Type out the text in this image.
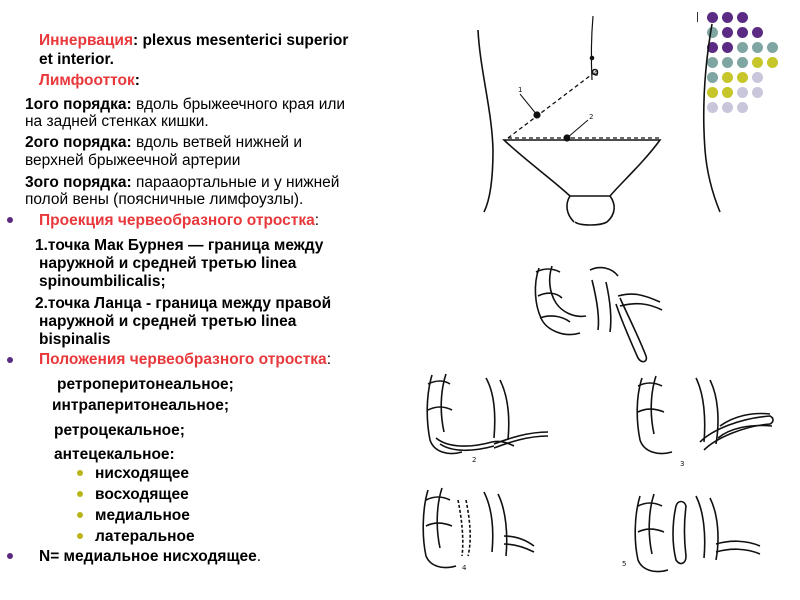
Иннервация: plexus mesenterici superior
et interior.
Лимфоотток:
1ого порядка: вдоль брыжеечного края или
на задней стенках кишки.
2ого порядка: вдоль ветвей нижней и
верхней брыжеечной артерии
3ого порядка: парааортальные и у нижней
полой вены (поясничные лимфоузлы).
Проекция червеобразного отростка:
1.точка Мак Бурнея — граница между
наружной и средней третью linea
spinoumbilicalis;
2.точка Ланца - граница между правой
наружной и средней третью linea
bispinalis
Положения червеобразного отростка:
ретроперитонеальное;
интраперитонеальное;
ретроцекальное;
антецекальное:
нисходящее
восходящее
медиальное
латеральное
N= медиальное нисходящее.
0
1
2
2	3
4	5
